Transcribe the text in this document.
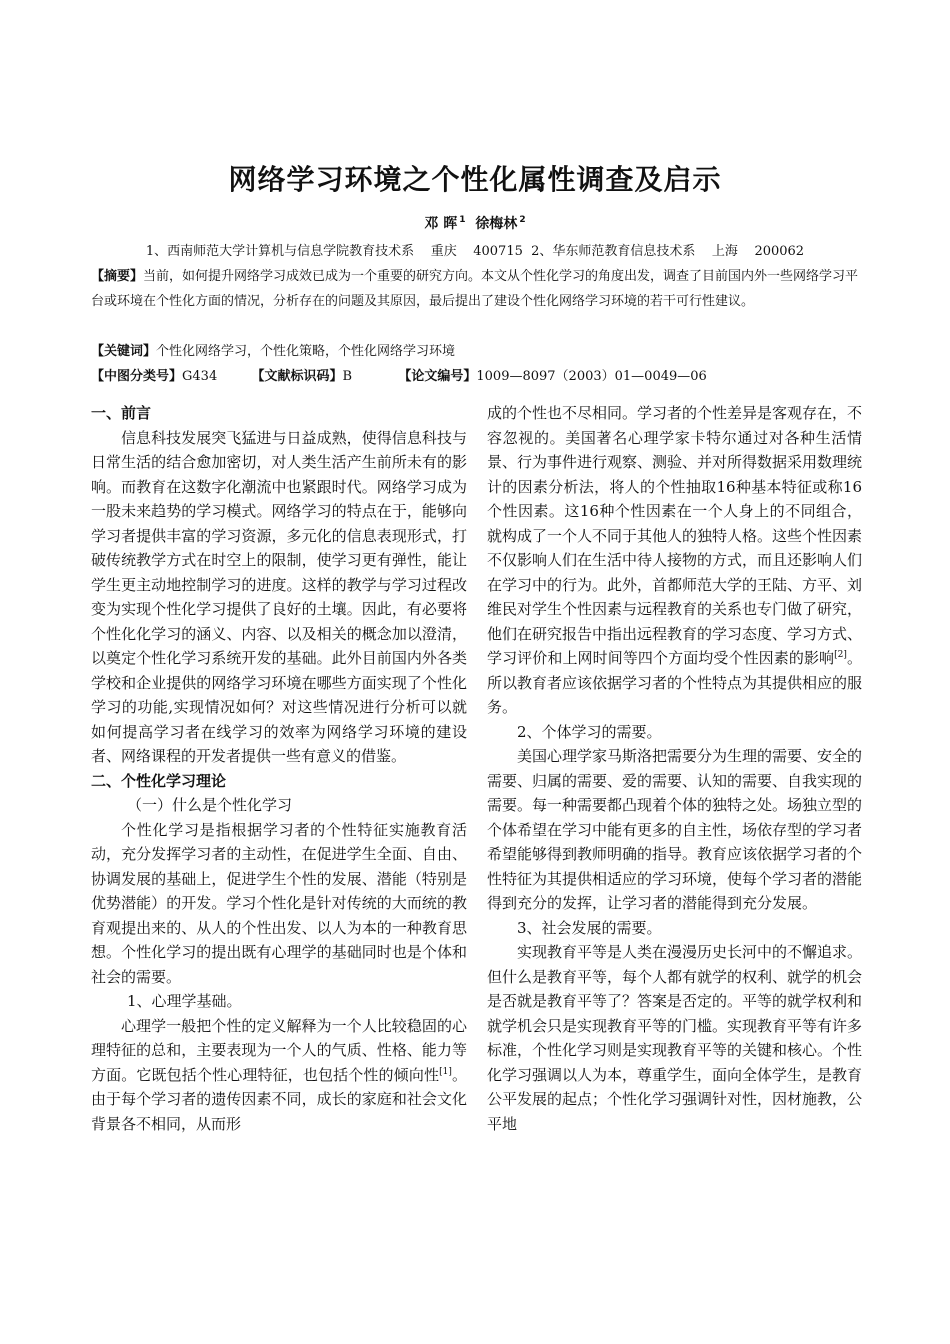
网络学习环境之个性化属性调查及启示
邓 晖 $^1$ 徐梅林 $^2$
1、西南师范大学计算机与信息学院教育技术系    重庆    400715  2、华东师范教育信息技术系    上海    200062
【摘要】当前，如何提升网络学习成效已成为一个重要的研究方向。本文从个性化学习的角度出发，调查了目前国内外一些网络学习平台或环境在个性化方面的情况，分析存在的问题及其原因，最后提出了建设个性化网络学习环境的若干可行性建议。
【关键词】个性化网络学习，个性化策略，个性化网络学习环境
【中图分类号】G434	【文献标识码】B	【论文编号】1009—8097（2003）01—0049—06
一、前言

信息科技发展突飞猛进与日益成熟，使得信息科技与日常生活的结合愈加密切，对人类生活产生前所未有的影响。而教育在这数字化潮流中也紧跟时代。网络学习成为一股未来趋势的学习模式。网络学习的特点在于，能够向学习者提供丰富的学习资源，多元化的信息表现形式，打破传统教学方式在时空上的限制，使学习更有弹性，能让学生更主动地控制学习的进度。这样的教学与学习过程改变为实现个性化学习提供了良好的土壤。因此，有必要将个性化化学习的涵义、内容、以及相关的概念加以澄清，以奠定个性化学习系统开发的基础。此外目前国内外各类学校和企业提供的网络学习环境在哪些方面实现了个性化学习的功能,实现情况如何？对这些情况进行分析可以就如何提高学习者在线学习的效率为网络学习环境的建设者、网络课程的开发者提供一些有意义的借鉴。

二、个性化学习理论

（一）什么是个性化学习

个性化学习是指根据学习者的个性特征实施教育活动，充分发挥学习者的主动性，在促进学生全面、自由、协调发展的基础上，促进学生个性的发展、潜能（特别是优势潜能）的开发。学习个性化是针对传统的大而统的教育观提出来的、从人的个性出发、以人为本的一种教育思想。个性化学习的提出既有心理学的基础同时也是个体和社会的需要。

1、心理学基础。

心理学一般把个性的定义解释为一个人比较稳固的心理特征的总和，主要表现为一个人的气质、性格、能力等方面。它既包括个性心理特征，也包括个性的倾向性[1]。由于每个学习者的遗传因素不同，成长的家庭和社会文化背景各不相同，从而形

成的个性也不尽相同。学习者的个性差异是客观存在，不容忽视的。美国著名心理学家卡特尔通过对各种生活情景、行为事件进行观察、测验、并对所得数据采用数理统计的因素分析法，将人的个性抽取16种基本特征或称16个性因素。这16种个性因素在一个人身上的不同组合，就构成了一个人不同于其他人的独特人格。这些个性因素不仅影响人们在生活中待人接物的方式，而且还影响人们在学习中的行为。此外，首都师范大学的王陆、方平、刘维民对学生个性因素与远程教育的关系也专门做了研究，他们在研究报告中指出远程教育的学习态度、学习方式、学习评价和上网时间等四个方面均受个性因素的影响[2]。所以教育者应该依据学习者的个性特点为其提供相应的服务。

2、个体学习的需要。

美国心理学家马斯洛把需要分为生理的需要、安全的需要、归属的需要、爱的需要、认知的需要、自我实现的需要。每一种需要都凸现着个体的独特之处。场独立型的个体希望在学习中能有更多的自主性，场依存型的学习者希望能够得到教师明确的指导。教育应该依据学习者的个性特征为其提供相适应的学习环境，使每个学习者的潜能得到充分的发挥，让学习者的潜能得到充分发展。

3、社会发展的需要。

实现教育平等是人类在漫漫历史长河中的不懈追求。但什么是教育平等，每个人都有就学的权利、就学的机会是否就是教育平等了？答案是否定的。平等的就学权利和就学机会只是实现教育平等的门槛。实现教育平等有许多标准，个性化学习则是实现教育平等的关键和核心。个性化学习强调以人为本，尊重学生，面向全体学生，是教育公平发展的起点；个性化学习强调针对性，因材施教，公平地
